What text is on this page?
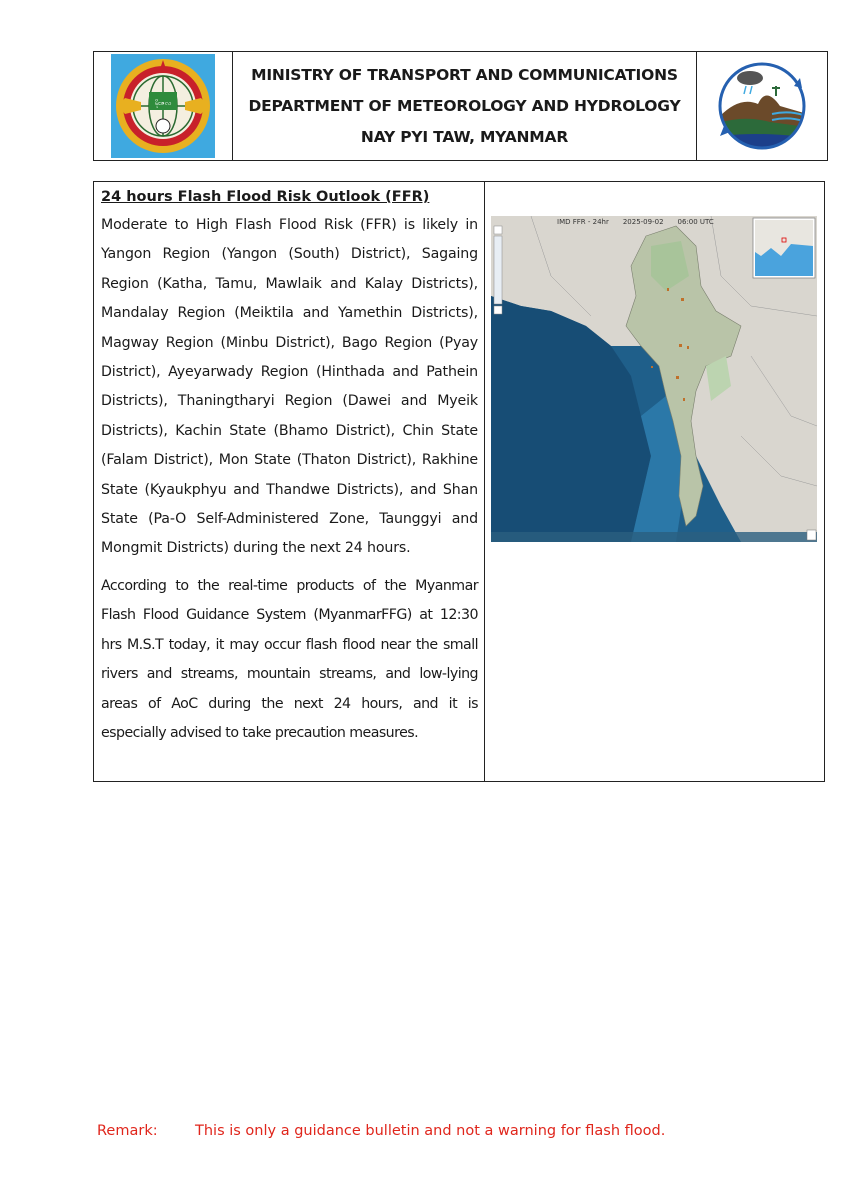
မိုးဇလ
MINISTRY OF TRANSPORT AND COMMUNICATIONS
DEPARTMENT OF METEOROLOGY AND HYDROLOGY
NAY PYI TAW, MYANMAR
24 hours Flash Flood Risk Outlook (FFR)

Moderate to High Flash Flood Risk (FFR) is likely in Yangon Region (Yangon (South) District), Sagaing Region (Katha, Tamu, Mawlaik and Kalay Districts), Mandalay Region (Meiktila and Yamethin Districts), Magway Region (Minbu District), Bago Region (Pyay District), Ayeyarwady Region (Hinthada and Pathein Districts), Thaningtharyi Region (Dawei and Myeik Districts), Kachin State (Bhamo District), Chin State (Falam District), Mon State (Thaton District), Rakhine State (Kyaukphyu and Thandwe Districts), and Shan State (Pa-O Self-Administered Zone, Taunggyi and Mongmit Districts) during the next 24 hours.

According to the real-time products of the Myanmar Flash Flood Guidance System (MyanmarFFG) at 12:30 hrs M.S.T today, it may occur flash flood near the small rivers and streams, mountain streams, and low-lying areas of AoC during the next 24 hours, and it is especially advised to take precaution measures.

IMD FFR - 24hr 2025-09-02 06:00 UTC
Remark:	This is only a guidance bulletin and not a warning for flash flood.
